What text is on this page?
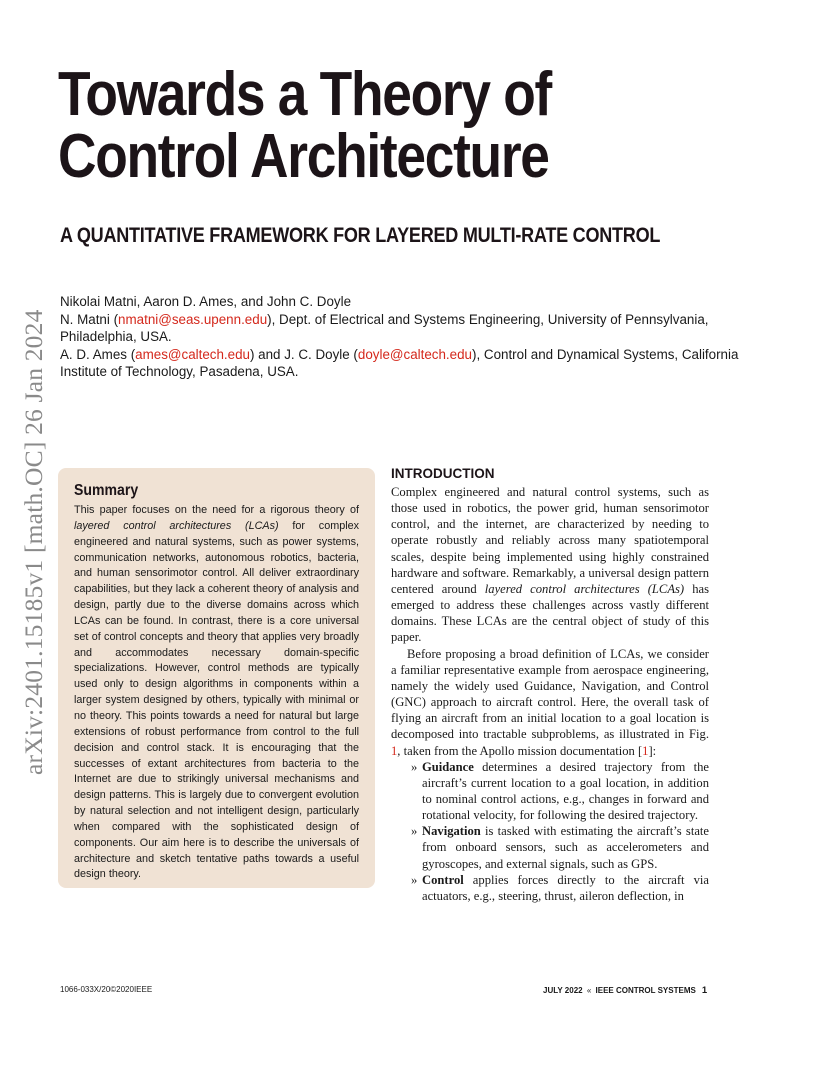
arXiv:2401.15185v1 [math.OC] 26 Jan 2024
Towards a Theory of
Control Architecture
A QUANTITATIVE FRAMEWORK FOR LAYERED MULTI-RATE CONTROL
Nikolai Matni, Aaron D. Ames, and John C. Doyle
N. Matni (nmatni@seas.upenn.edu), Dept. of Electrical and Systems Engineering, University of Pennsylvania,
Philadelphia, USA.
A. D. Ames (ames@caltech.edu) and J. C. Doyle (doyle@caltech.edu), Control and Dynamical Systems, California
Institute of Technology, Pasadena, USA.
Summary

This paper focuses on the need for a rigorous theory of layered control architectures (LCAs) for complex engineered and natural systems, such as power systems, communication networks, autonomous robotics, bacteria, and human sensorimotor control. All deliver extraordinary capabilities, but they lack a coherent theory of analysis and design, partly due to the diverse domains across which LCAs can be found. In contrast, there is a core universal set of control concepts and theory that applies very broadly and accommodates necessary domain-specific specializations. However, control methods are typically used only to design algorithms in components within a larger system designed by others, typically with minimal or no theory. This points towards a need for natural but large extensions of robust performance from control to the full decision and control stack. It is encouraging that the successes of extant architectures from bacteria to the Internet are due to strikingly universal mechanisms and design patterns. This is largely due to convergent evolution by natural selection and not intelligent design, particularly when compared with the sophisticated design of components. Our aim here is to describe the universals of architecture and sketch tentative paths towards a useful design theory.

INTRODUCTION

Complex engineered and natural control systems, such as those used in robotics, the power grid, human sensorimotor control, and the internet, are characterized by needing to operate robustly and reliably across many spatiotemporal scales, despite being implemented using highly constrained hardware and software. Remarkably, a universal design pattern centered around layered control architectures (LCAs) has emerged to address these challenges across vastly different domains. These LCAs are the central object of study of this paper.

Before proposing a broad definition of LCAs, we consider a familiar representative example from aerospace engineering, namely the widely used Guidance, Navigation, and Control (GNC) approach to aircraft control. Here, the overall task of flying an aircraft from an initial location to a goal location is decomposed into tractable subproblems, as illustrated in Fig. 1, taken from the Apollo mission documentation [1]:

» Guidance determines a desired trajectory from the aircraft’s current location to a goal location, in addition to nominal control actions, e.g., changes in forward and rotational velocity, for following the desired trajectory.
» Navigation is tasked with estimating the aircraft’s state from onboard sensors, such as accelerometers and gyroscopes, and external signals, such as GPS.
» Control applies forces directly to the aircraft via actuators, e.g., steering, thrust, aileron deflection, in
1066-033X/20©2020IEEE	JULY 2022 « IEEE CONTROL SYSTEMS 1
